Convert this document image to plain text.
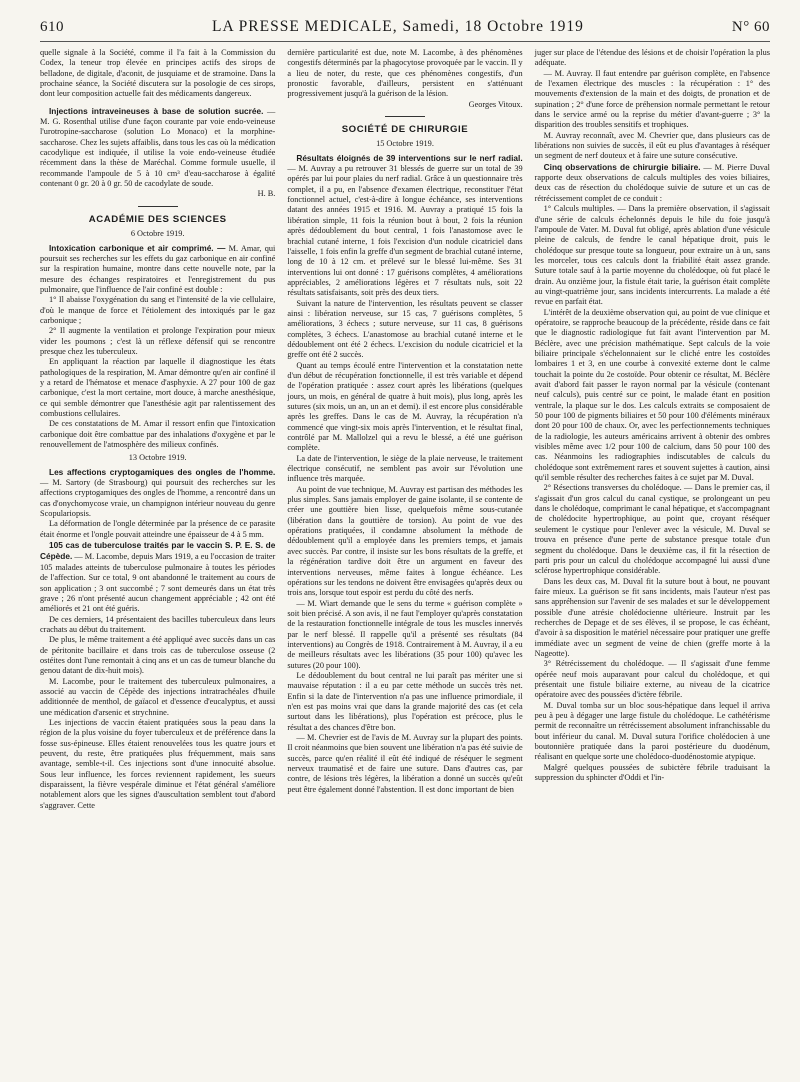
610	LA PRESSE MEDICALE, Samedi, 18 Octobre 1919	N° 60

quelle signale à la Société, comme il l'a fait à la Commission du Codex, la teneur trop élevée en principes actifs des sirops de belladone, de digitale, d'aconit, de jusquiame et de stramoine. Dans la prochaine séance, la Société discutera sur la posologie de ces sirops, dont leur composition actuelle fait des médicaments dangereux.

Injections intraveineuses à base de solution sucrée. — M. G. Rosenthal utilise d'une façon courante par voie endo-veineuse l'urotropine-saccharose (solution Lo Monaco) et la morphine-saccharose. Chez les sujets affaiblis, dans tous les cas où la médication cacodylique est indiquée, il utilise la voie endo-veineuse étudiée récemment dans la thèse de Maréchal. Comme formule usuelle, il recommande l'ampoule de 5 à 10 cm³ d'eau-saccharose à égalité contenant 0 gr. 20 à 0 gr. 50 de cacodylate de soude.

H. B.

ACADÉMIE DES SCIENCES

6 Octobre 1919.

Intoxication carbonique et air comprimé. — M. Amar, qui poursuit ses recherches sur les effets du gaz carbonique en air confiné sur la respiration humaine, montre dans cette nouvelle note, par la mesure des échanges respiratoires et l'enregistrement du pus pulmonaire, que l'influence de l'air confiné est double :

1° Il abaisse l'oxygénation du sang et l'intensité de la vie cellulaire, d'où le manque de force et l'étiolement des intoxiqués par le gaz carbonique ;

2° Il augmente la ventilation et prolonge l'expiration pour mieux vider les poumons ; c'est là un réflexe défensif qui se rencontre presque chez les tuberculeux.

En appliquant la réaction par laquelle il diagnostique les états pathologiques de la respiration, M. Amar démontre qu'en air confiné il y a retard de l'hématose et menace d'asphyxie. A 27 pour 100 de gaz carbonique, c'est la mort certaine, mort douce, à marche anesthésique, ce qui semble démontrer que l'anesthésie agit par ralentissement des combustions cellulaires.

De ces constatations de M. Amar il ressort enfin que l'intoxication carbonique doit être combattue par des inhalations d'oxygène et par le renouvellement de l'atmosphère des milieux confinés.

13 Octobre 1919.

Les affections cryptogamiques des ongles de l'homme. — M. Sartory (de Strasbourg) qui poursuit des recherches sur les affections cryptogamiques des ongles de l'homme, a rencontré dans un cas d'onychomycose vraie, un champignon intérieur nouveau du genre Scopulariopsis.

La déformation de l'ongle déterminée par la présence de ce parasite était énorme et l'ongle pouvait atteindre une épaisseur de 4 à 5 mm.

105 cas de tuberculose traités par le vaccin S. P. E. S. de Cépède. — M. Lacombe, depuis Mars 1919, a eu l'occasion de traiter 105 malades atteints de tuberculose pulmonaire à toutes les périodes de l'affection. Sur ce total, 9 ont abandonné le traitement au cours de son application ; 3 ont succombé ; 7 sont demeurés dans un état très grave ; 26 n'ont présenté aucun changement appréciable ; 42 ont été améliorés et 21 ont été guéris.

De ces derniers, 14 présentaient des bacilles tuberculeux dans leurs crachats au début du traitement.

De plus, le même traitement a été appliqué avec succès dans un cas de péritonite bacillaire et dans trois cas de tuberculose osseuse (2 ostéites dont l'une remontait à cinq ans et un cas de tumeur blanche du genou datant de dix-huit mois).

M. Lacombe, pour le traitement des tuberculeux pulmonaires, a associé au vaccin de Cépède des injections intratrachéales d'huile additionnée de menthol, de gaïacol et d'essence d'eucalyptus, et aussi une médication d'arsenic et strychnine.

Les injections de vaccin étaient pratiquées sous la peau dans la région de la plus voisine du foyer tuberculeux et de préférence dans la fosse sus-épineuse. Elles étaient renouvelées tous les quatre jours et peuvent, du reste, être pratiquées plus fréquemment, mais sans avantage, semble-t-il. Ces injections sont d'une innocuité absolue. Sous leur influence, les forces reviennent rapidement, les sueurs disparaissent, la fièvre vespérale diminue et l'état général s'améliore notablement alors que les signes d'auscultation semblent tout d'abord s'aggraver. Cette

dernière particularité est due, note M. Lacombe, à des phénomènes congestifs déterminés par la phagocytose provoquée par le vaccin. Il y a lieu de noter, du reste, que ces phénomènes congestifs, d'un pronostic favorable, d'ailleurs, persistent en s'atténuant progressivement jusqu'à la guérison de la lésion.

Georges Vitoux.

SOCIÉTÉ DE CHIRURGIE

15 Octobre 1919.

Résultats éloignés de 39 interventions sur le nerf radial. — M. Auvray a pu retrouver 31 blessés de guerre sur un total de 39 opérés par lui pour plaies du nerf radial. Grâce à un questionnaire très complet, il a pu, en l'absence d'examen électrique, reconstituer l'état fonctionnel actuel, c'est-à-dire à longue échéance, ses interventions datant des années 1915 et 1916. M. Auvray a pratiqué 15 fois la libération simple, 11 fois la réunion bout à bout, 2 fois la réunion après dédoublement du bout central, 1 fois l'anastomose avec le brachial cutané interne, 1 fois l'excision d'un nodule cicatriciel dans l'aisselle, 1 fois enfin la greffe d'un segment de brachial cutané interne, long de 10 à 12 cm. et prélevé sur le blessé lui-même. Ses 31 interventions lui ont donné : 17 guérisons complètes, 4 améliorations appréciables, 2 améliorations légères et 7 résultats nuls, soit 22 résultats satisfaisants, soit près des deux tiers.

Suivant la nature de l'intervention, les résultats peuvent se classer ainsi : libération nerveuse, sur 15 cas, 7 guérisons complètes, 5 améliorations, 3 échecs ; suture nerveuse, sur 11 cas, 8 guérisons complètes, 3 échecs. L'anastomose au brachial cutané interne et le dédoublement ont été 2 échecs. L'excision du nodule cicatriciel et la greffe ont été 2 succès.

Quant au temps écoulé entre l'intervention et la constatation nette d'un début de récupération fonctionnelle, il est très variable et dépend de l'opération pratiquée : assez court après les libérations (quelques jours, un mois, en général de quatre à huit mois), plus long, après les sutures (six mois, un an, un an et demi). il est encore plus considérable après les greffes. Dans le cas de M. Auvray, la récupération n'a commencé que vingt-six mois après l'intervention, et le résultat final, contrôlé par M. Mallolzel qui a revu le blessé, a été une guérison complète.

La date de l'intervention, le siège de la plaie nerveuse, le traitement électrique consécutif, ne semblent pas avoir sur l'évolution une influence très marquée.

Au point de vue technique, M. Auvray est partisan des méthodes les plus simples. Sans jamais employer de gaine isolante, il se contente de créer une gouttière bien lisse, quelquefois même sous-cutanée (libération dans la gouttière de torsion). Au point de vue des opérations pratiquées, il condamne absolument la méthode de dédoublement qu'il a employée dans les premiers temps, et jamais avec succès. Par contre, il insiste sur les bons résultats de la greffe, et la régénération tardive doit être un argument en faveur des interventions nerveuses, même faites à longue échéance. Les opérations sur les tendons ne doivent être envisagées qu'après deux ou trois ans, lorsque tout espoir est perdu du côté des nerfs.

— M. Wiart demande que le sens du terme « guérison complète » soit bien précisé. A son avis, il ne faut l'employer qu'après constatation de la restauration fonctionnelle intégrale de tous les muscles innervés par le nerf blessé. Il rappelle qu'il a présenté ses résultats (84 interventions) au Congrès de 1918. Contrairement à M. Auvray, il a eu de meilleurs résultats avec les libérations (35 pour 100) qu'avec les sutures (20 pour 100).

Le dédoublement du bout central ne lui paraît pas mériter une si mauvaise réputation : il a eu par cette méthode un succès très net. Enfin si la date de l'intervention n'a pas une influence primordiale, il n'en est pas moins vrai que dans la grande majorité des cas (et cela surtout dans les libérations), plus l'opération est précoce, plus le résultat a des chances d'être bon.

— M. Chevrier est de l'avis de M. Auvray sur la plupart des points. Il croit néanmoins que bien souvent une libération n'a pas été suivie de succès, parce qu'en réalité il eût été indiqué de réséquer le segment nerveux traumatisé et de faire une suture. Dans d'autres cas, par contre, de lésions très légères, la libération a donné un succès qu'eût peut être également donné l'abstention. Il est donc important de bien

juger sur place de l'étendue des lésions et de choisir l'opération la plus adéquate.

— M. Auvray. Il faut entendre par guérison complète, en l'absence de l'examen électrique des muscles : la récupération : 1° des mouvements d'extension de la main et des doigts, de pronation et de supination ; 2° d'une force de préhension normale permettant le retour dans le service armé ou la reprise du métier d'avant-guerre ; 3° la disparition des troubles sensitifs et trophiques.

M. Auvray reconnaît, avec M. Chevrier que, dans plusieurs cas de libérations non suivies de succès, il eût eu plus d'avantages à réséquer un segment de nerf douteux et à faire une suture consécutive.

Cinq observations de chirurgie biliaire. — M. Pierre Duval rapporte deux observations de calculs multiples des voies biliaires, deux cas de résection du cholédoque suivie de suture et un cas de rétrécissement complet de ce conduit :

1° Calculs multiples. — Dans la première observation, il s'agissait d'une série de calculs échelonnés depuis le hile du foie jusqu'à l'ampoule de Vater. M. Duval fut obligé, après ablation d'une vésicule pleine de calculs, de fendre le canal hépatique droit, puis le cholédoque sur presque toute sa longueur, pour extraire un à un, sans les morceler, tous ces calculs dont la friabilité était assez grande. Suture totale sauf à la partie moyenne du cholédoque, où fut placé le drain. Au onzième jour, la fistule était tarie, la guérison était complète au vingt-quatrième jour, sans incidents intercurrents. La malade a été revue en parfait état.

L'intérêt de la deuxième observation qui, au point de vue clinique et opératoire, se rapproche beaucoup de la précédente, réside dans ce fait que le diagnostic radiologique fut fait avant l'intervention par M. Béclère, avec une précision mathématique. Sept calculs de la voie biliaire principale s'échelonnaient sur le cliché entre les costoïdes lombaires 1 et 3, en une courbe à convexité externe dont le calme touchait la pointe du 2e costoïde. Pour obtenir ce résultat, M. Béclère avait d'abord fait passer le rayon normal par la vésicule (contenant neuf calculs), puis centré sur ce point, le malade étant en position ventrale, la plaque sur le dos. Les calculs extraits se composaient de 50 pour 100 de pigments biliaires et 50 pour 100 d'éléments minéraux dont 20 pour 100 de chaux. Or, avec les perfectionnements techniques de la radiologie, les auteurs américains arrivent à obtenir des ombres visibles même avec 1/2 pour 100 de calcium, dans 50 pour 100 des cas. Néanmoins les radiographies indiscutables de calculs du cholédoque sont extrêmement rares et souvent sujettes à caution, ainsi qu'il semble résulter des recherches faites à ce sujet par M. Duval.

2° Résections transverses du cholédoque. — Dans le premier cas, il s'agissait d'un gros calcul du canal cystique, se prolongeant un peu dans le cholédoque, comprimant le canal hépatique, et s'accompagnant de cholédocite hypertrophique, au point que, croyant réséquer seulement le cystique pour l'enlever avec la vésicule, M. Duval se trouva en présence d'une perte de substance presque totale d'un segment du cholédoque. Dans le deuxième cas, il fit la résection de parti pris pour un calcul du cholédoque accompagné lui aussi d'une sclérose hypertrophique considérable.

Dans les deux cas, M. Duval fit la suture bout à bout, ne pouvant faire mieux. La guérison se fit sans incidents, mais l'auteur n'est pas sans appréhension sur l'avenir de ses malades et sur le développement possible d'une atrésie cholédocienne ultérieure. Instruit par les recherches de Depage et de ses élèves, il se propose, le cas échéant, d'avoir à sa disposition le matériel nécessaire pour pratiquer une greffe immédiate avec un segment de veine de chien (greffe morte à la Nageotte).

3° Rétrécissement du cholédoque. — Il s'agissait d'une femme opérée neuf mois auparavant pour calcul du cholédoque, et qui présentait une fistule biliaire externe, au niveau de la cicatrice opératoire avec des poussées d'ictère fébrile.

M. Duval tomba sur un bloc sous-hépatique dans lequel il arriva peu à peu à dégager une large fistule du cholédoque. Le cathétérisme permit de reconnaître un rétrécissement absolument infranchissable du bout inférieur du canal. M. Duval sutura l'orifice cholédocien à une boutonnière pratiquée dans la paroi postérieure du duodénum, réalisant en quelque sorte une cholédoco-duodénostomie atypique.

Malgré quelques poussées de subictère fébrile traduisant la suppression du sphincter d'Oddi et l'in-
